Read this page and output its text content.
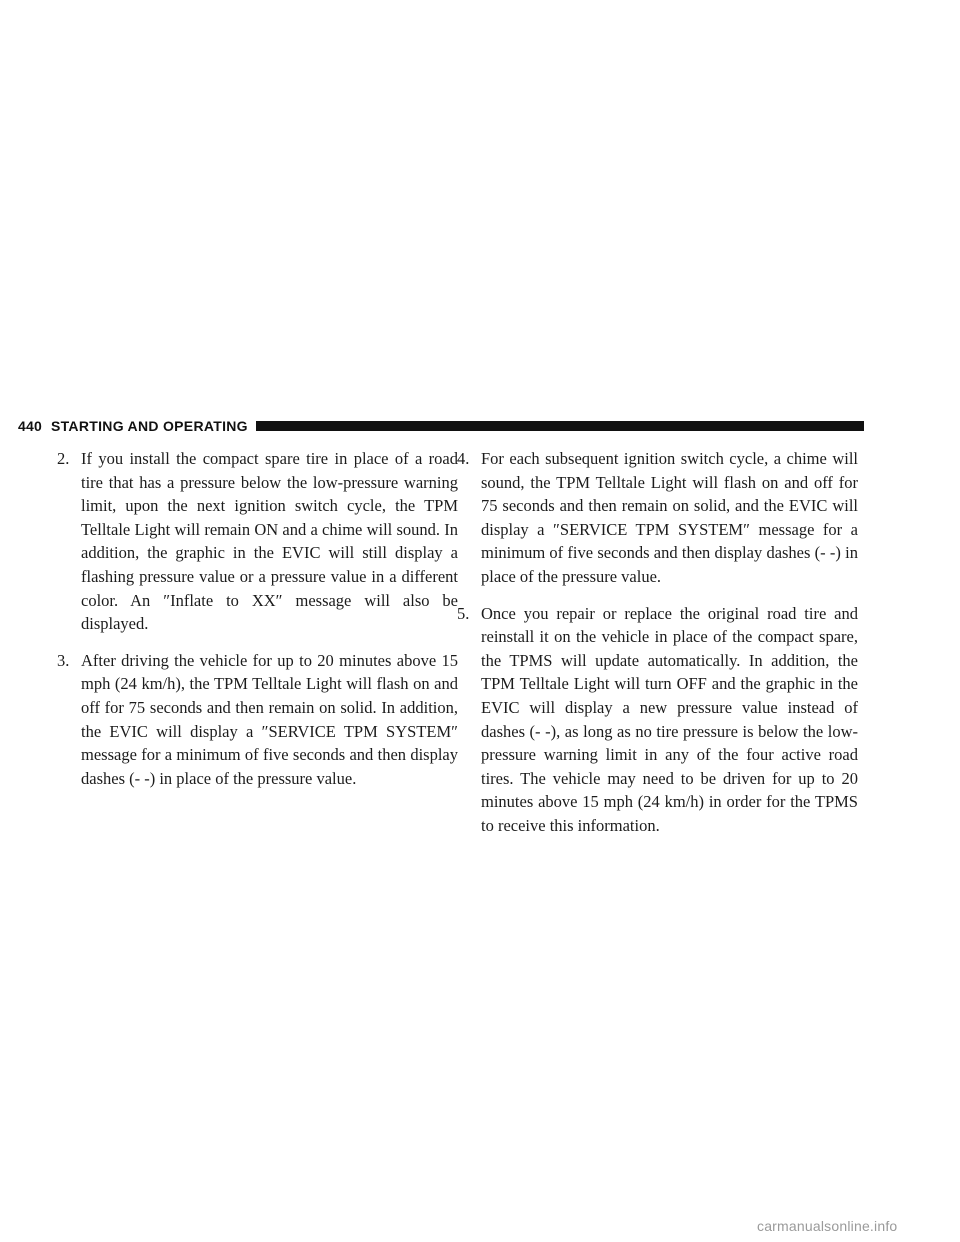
440 STARTING AND OPERATING
2. If you install the compact spare tire in place of a road tire that has a pressure below the low-pressure warning limit, upon the next ignition switch cycle, the TPM Telltale Light will remain ON and a chime will sound. In addition, the graphic in the EVIC will still display a flashing pressure value or a pressure value in a different color. An ″Inflate to XX″ message will also be displayed.
3. After driving the vehicle for up to 20 minutes above 15 mph (24 km/h), the TPM Telltale Light will flash on and off for 75 seconds and then remain on solid. In addition, the EVIC will display a ″SERVICE TPM SYSTEM″ message for a minimum of five seconds and then display dashes (- -) in place of the pressure value.
4. For each subsequent ignition switch cycle, a chime will sound, the TPM Telltale Light will flash on and off for 75 seconds and then remain on solid, and the EVIC will display a ″SERVICE TPM SYSTEM″ message for a minimum of five seconds and then display dashes (- -) in place of the pressure value.
5. Once you repair or replace the original road tire and reinstall it on the vehicle in place of the compact spare, the TPMS will update automatically. In addition, the TPM Telltale Light will turn OFF and the graphic in the EVIC will display a new pressure value instead of dashes (- -), as long as no tire pressure is below the low-pressure warning limit in any of the four active road tires. The vehicle may need to be driven for up to 20 minutes above 15 mph (24 km/h) in order for the TPMS to receive this information.
carmanualsonline.info
